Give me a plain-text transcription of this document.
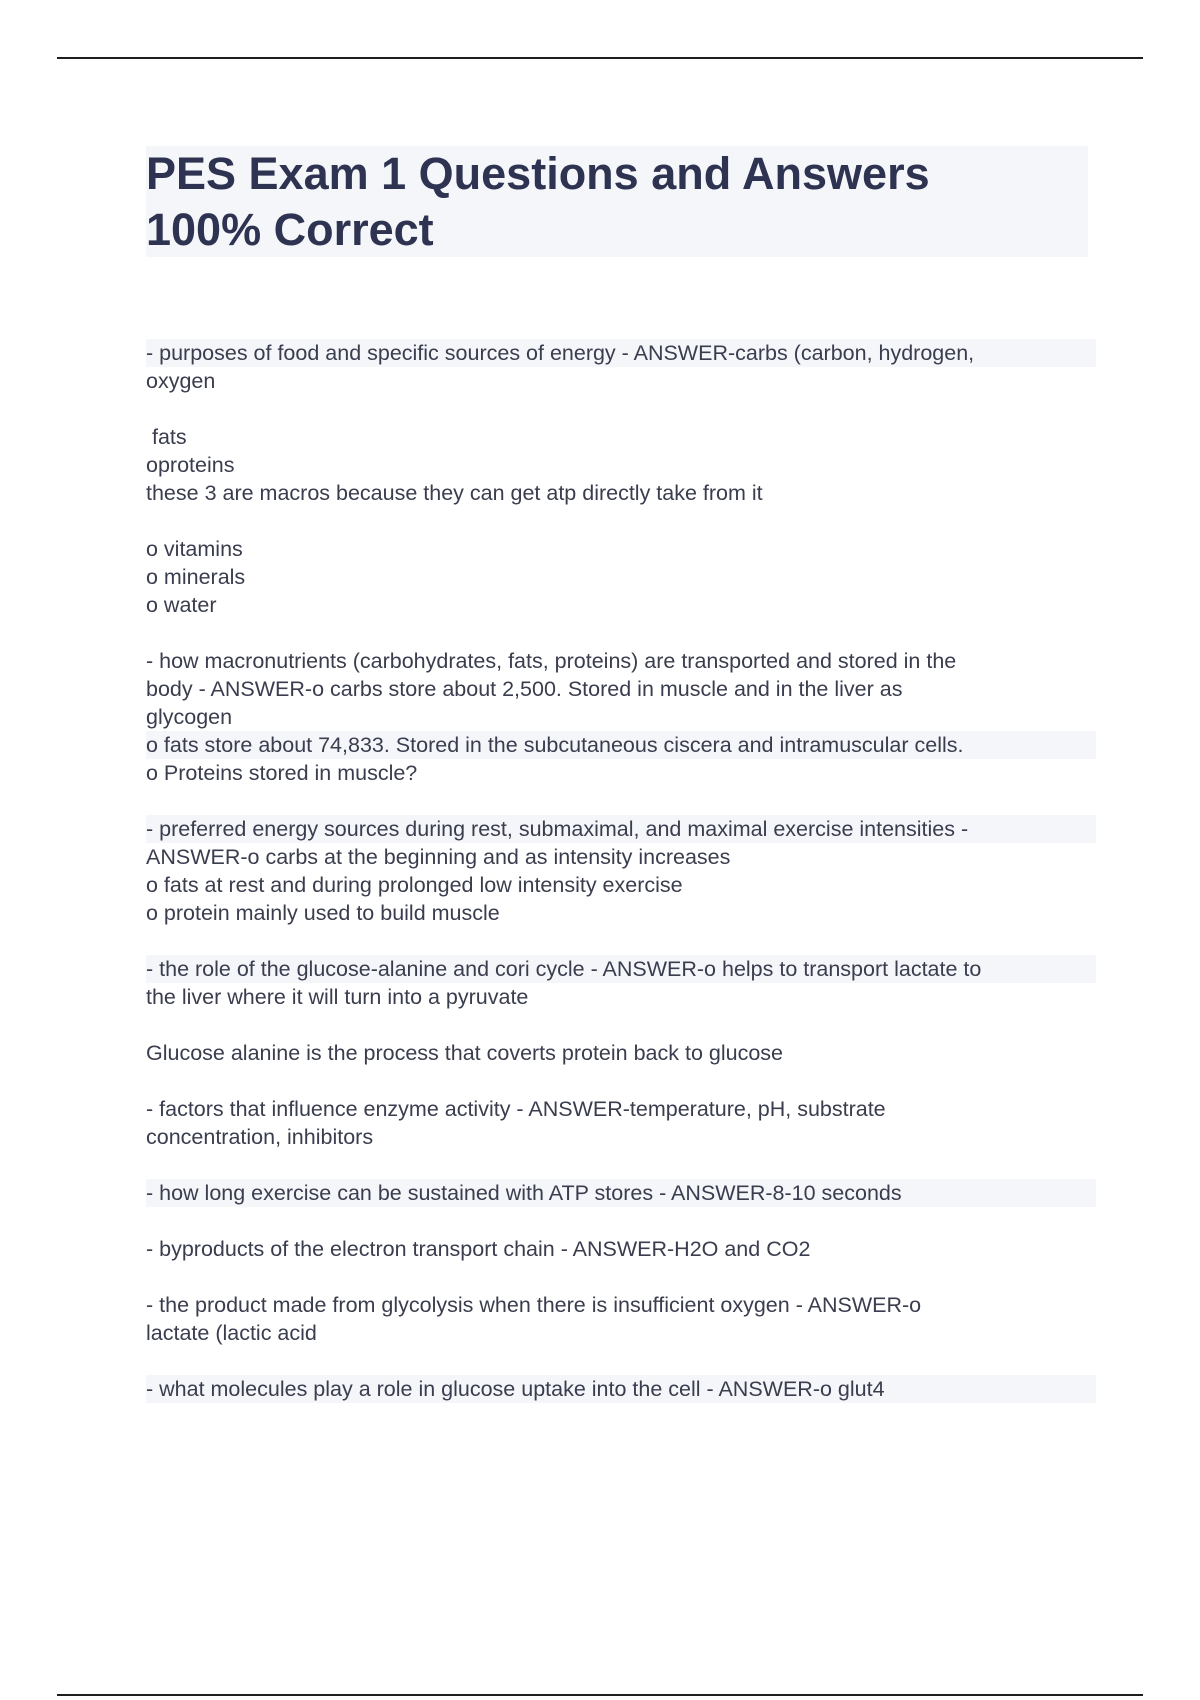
PES Exam 1 Questions and Answers
100% Correct
- purposes of food and specific sources of energy - ANSWER-carbs (carbon, hydrogen,
oxygen
fats
oproteins
these 3 are macros because they can get atp directly take from it
o vitamins
o minerals
o water
- how macronutrients (carbohydrates, fats, proteins) are transported and stored in the
body - ANSWER-o carbs store about 2,500. Stored in muscle and in the liver as
glycogen
o fats store about 74,833. Stored in the subcutaneous ciscera and intramuscular cells.
o Proteins stored in muscle?
- preferred energy sources during rest, submaximal, and maximal exercise intensities -
ANSWER-o carbs at the beginning and as intensity increases
o fats at rest and during prolonged low intensity exercise
o protein mainly used to build muscle
- the role of the glucose-alanine and cori cycle - ANSWER-o helps to transport lactate to
the liver where it will turn into a pyruvate
Glucose alanine is the process that coverts protein back to glucose
- factors that influence enzyme activity - ANSWER-temperature, pH, substrate
concentration, inhibitors
- how long exercise can be sustained with ATP stores - ANSWER-8-10 seconds
- byproducts of the electron transport chain - ANSWER-H2O and CO2
- the product made from glycolysis when there is insufficient oxygen - ANSWER-o
lactate (lactic acid
- what molecules play a role in glucose uptake into the cell - ANSWER-o glut4
